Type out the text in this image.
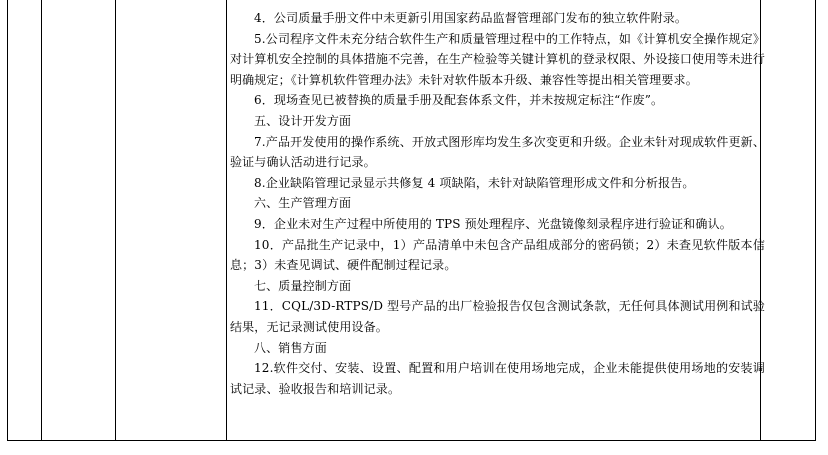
4．公司质量手册文件中未更新引用国家药品监督管理部门发布的独立软件附录。

5.公司程序文件未充分结合软件生产和质量管理过程中的工作特点，如《计算机安全操作规定》对计算机安全控制的具体措施不完善，在生产检验等关键计算机的登录权限、外设接口使用等未进行明确规定；《计算机软件管理办法》未针对软件版本升级、兼容性等提出相关管理要求。

6．现场查见已被替换的质量手册及配套体系文件，并未按规定标注“作废”。

五、设计开发方面

7.产品开发使用的操作系统、开放式图形库均发生多次变更和升级。企业未针对现成软件更新、验证与确认活动进行记录。

8.企业缺陷管理记录显示共修复 4 项缺陷，未针对缺陷管理形成文件和分析报告。

六、生产管理方面

9．企业未对生产过程中所使用的 TPS 预处理程序、光盘镜像刻录程序进行验证和确认。

10．产品批生产记录中，1）产品清单中未包含产品组成部分的密码锁；2）未查见软件版本信息；3）未查见调试、硬件配制过程记录。

七、质量控制方面

11．CQL/3D-RTPS/D 型号产品的出厂检验报告仅包含测试条款，无任何具体测试用例和试验结果，无记录测试使用设备。

八、销售方面

12.软件交付、安装、设置、配置和用户培训在使用场地完成，企业未能提供使用场地的安装调试记录、验收报告和培训记录。
